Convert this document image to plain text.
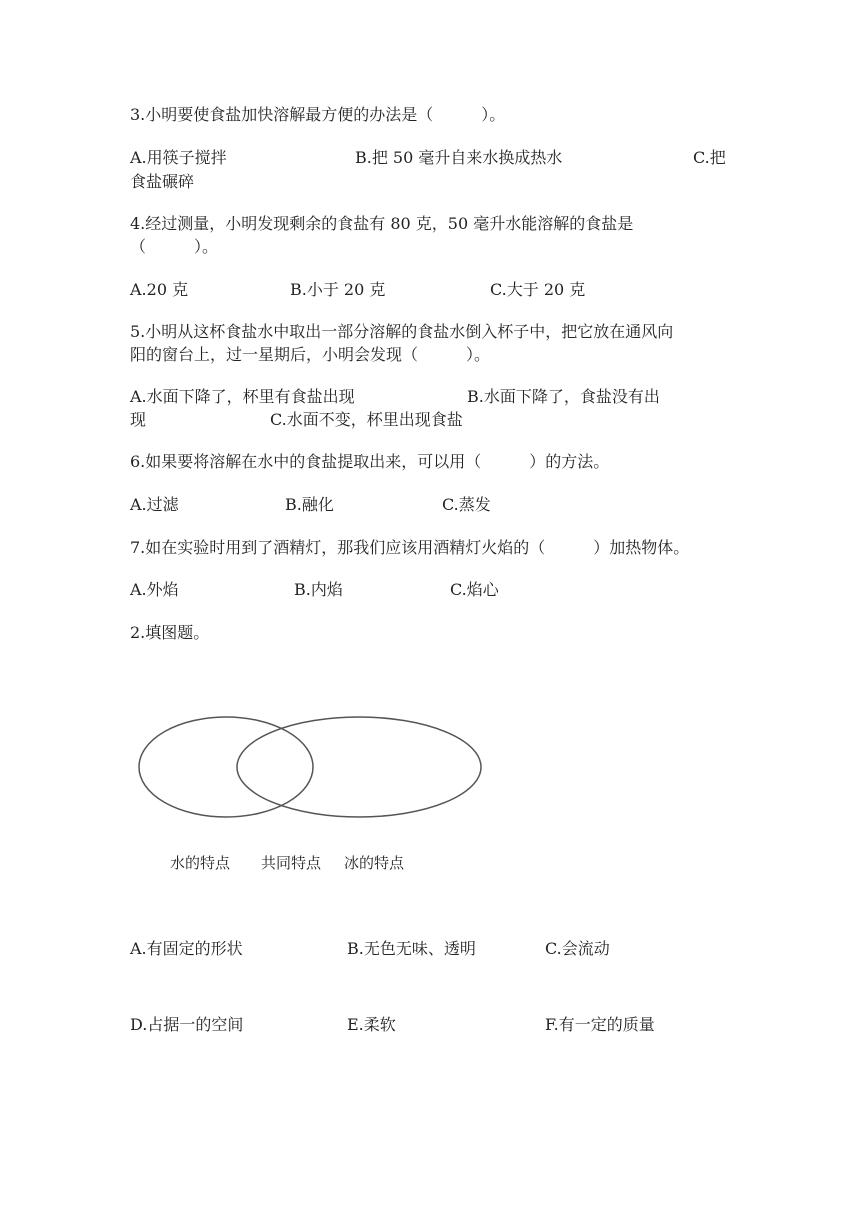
3.小明要使食盐加快溶解最方便的办法是（　　　）。
A.用筷子搅拌	B.把 50 毫升自来水换成热水	C.把
食盐碾碎
4.经过测量，小明发现剩余的食盐有 80 克，50 毫升水能溶解的食盐是
（　　　）。
A.20 克	B.小于 20 克	C.大于 20 克
5.小明从这杯食盐水中取出一部分溶解的食盐水倒入杯子中，把它放在通风向
阳的窗台上，过一星期后，小明会发现（　　　）。
A.水面下降了，杯里有食盐出现	B.水面下降了，食盐没有出
现	C.水面不变，杯里出现食盐
6.如果要将溶解在水中的食盐提取出来，可以用（　　　）的方法。
A.过滤	B.融化	C.蒸发
7.如在实验时用到了酒精灯，那我们应该用酒精灯火焰的（　　　）加热物体。
A.外焰	B.内焰	C.焰心
2.填图题。
水的特点 共同特点 冰的特点
A.有固定的形状	B.无色无味、透明	C.会流动
D.占据一的空间	E.柔软	F.有一定的质量
